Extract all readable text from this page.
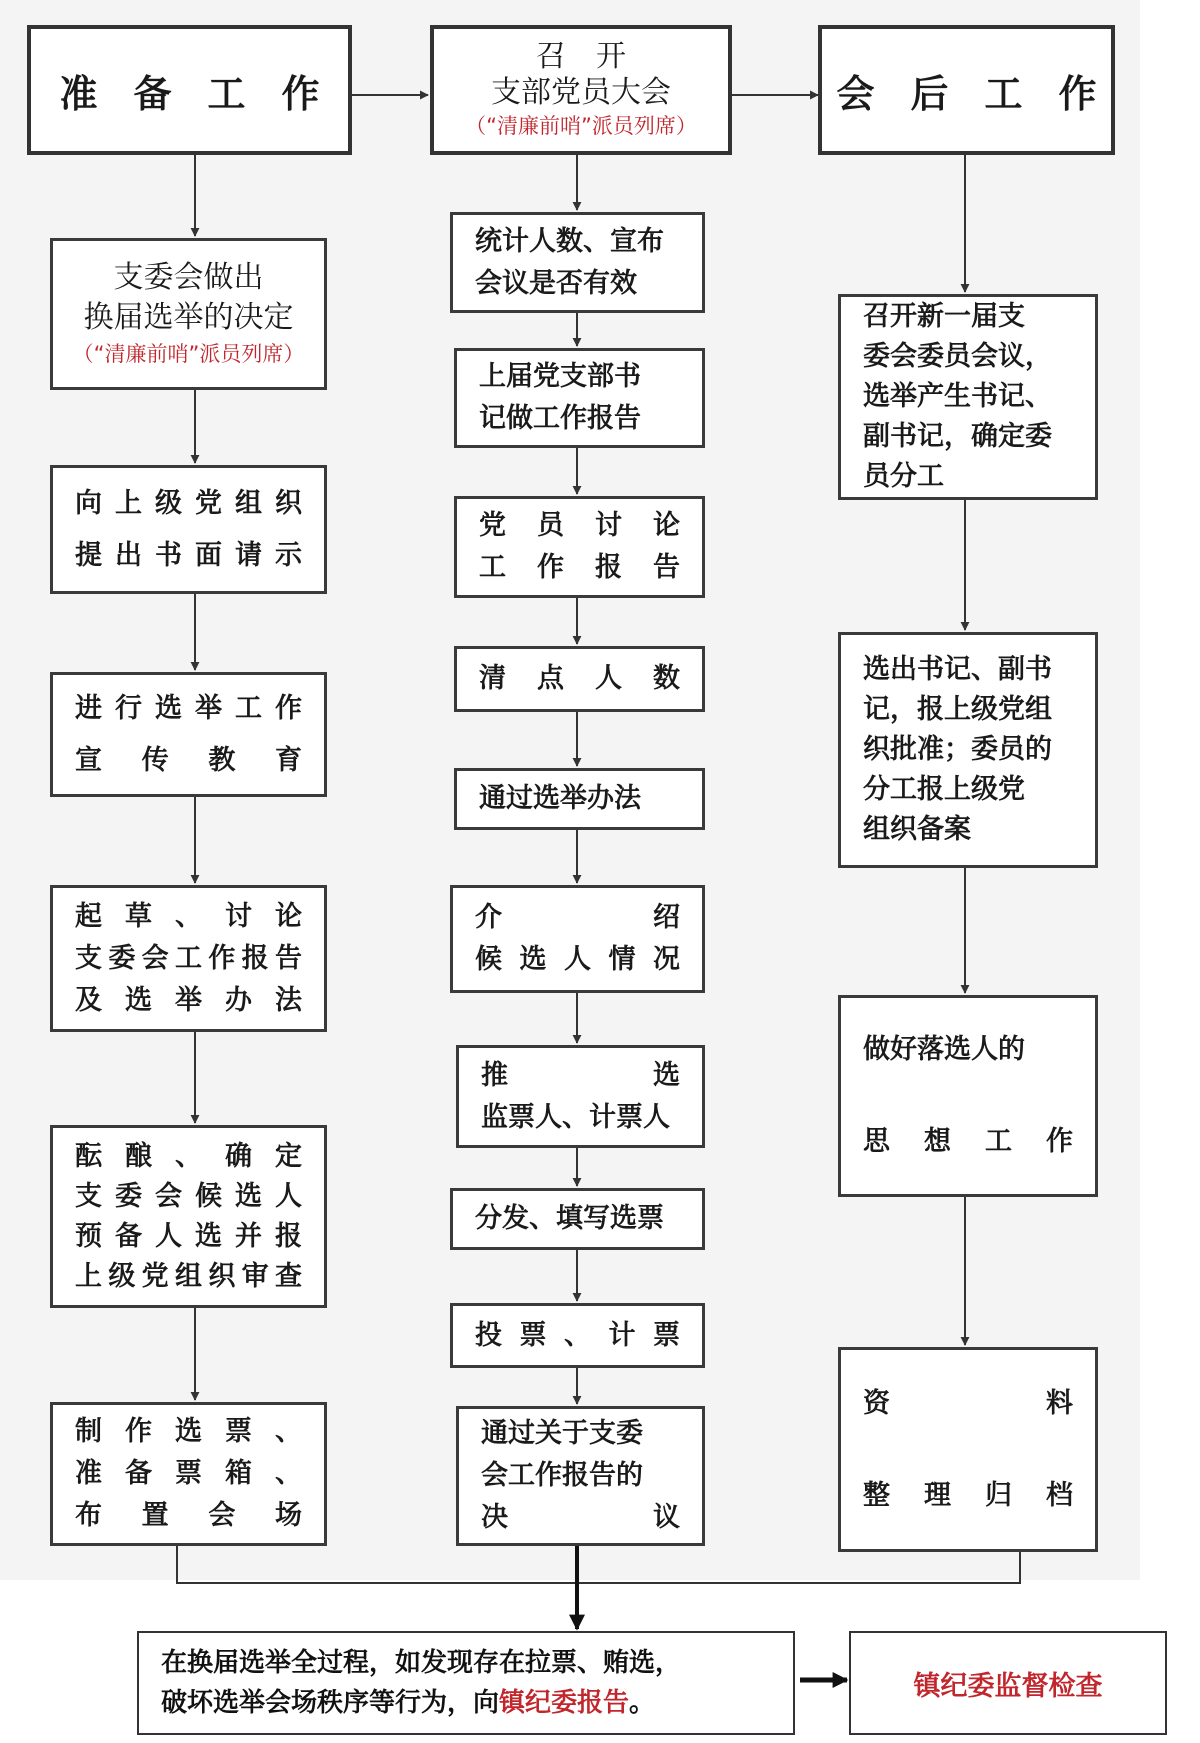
准备工作
召开
支部党员大会
（“清廉前哨”派员列席）
会后工作
支委会做出
换届选举的决定
（“清廉前哨”派员列席）
向 上 级 党 组 织
提 出 书 面 请 示
进 行 选 举 工 作
宣 传 教 育
起 草 、 讨 论
支 委 会 工 作 报 告
及 选 举 办 法
酝 酿 、 确 定
支 委 会 候 选 人
预 备 人 选 并 报
上 级 党 组 织 审 查
制 作 选 票 、
准 备 票 箱 、
布 置 会 场
统计人数、宣布
会议是否有效
上届党支部书
记做工作报告
党 员 讨 论
工 作 报 告
清 点 人 数
通过选举办法
介	绍
候 选 人 情 况
推	选
监票人、计票人
分发、填写选票
投 票 、 计 票
通过关于支委
会工作报告的
决	议
召开新一届支
委会委员会议，
选举产生书记、
副书记，确定委
员分工
选出书记、副书
记，报上级党组
织批准；委员的
分工报上级党
组织备案
做好落选人的
思 想 工 作
资	料
整 理 归 档
在换届选举全过程，如发现存在拉票、贿选，
破坏选举会场秩序等行为，向镇纪委报告。
镇纪委监督检查
